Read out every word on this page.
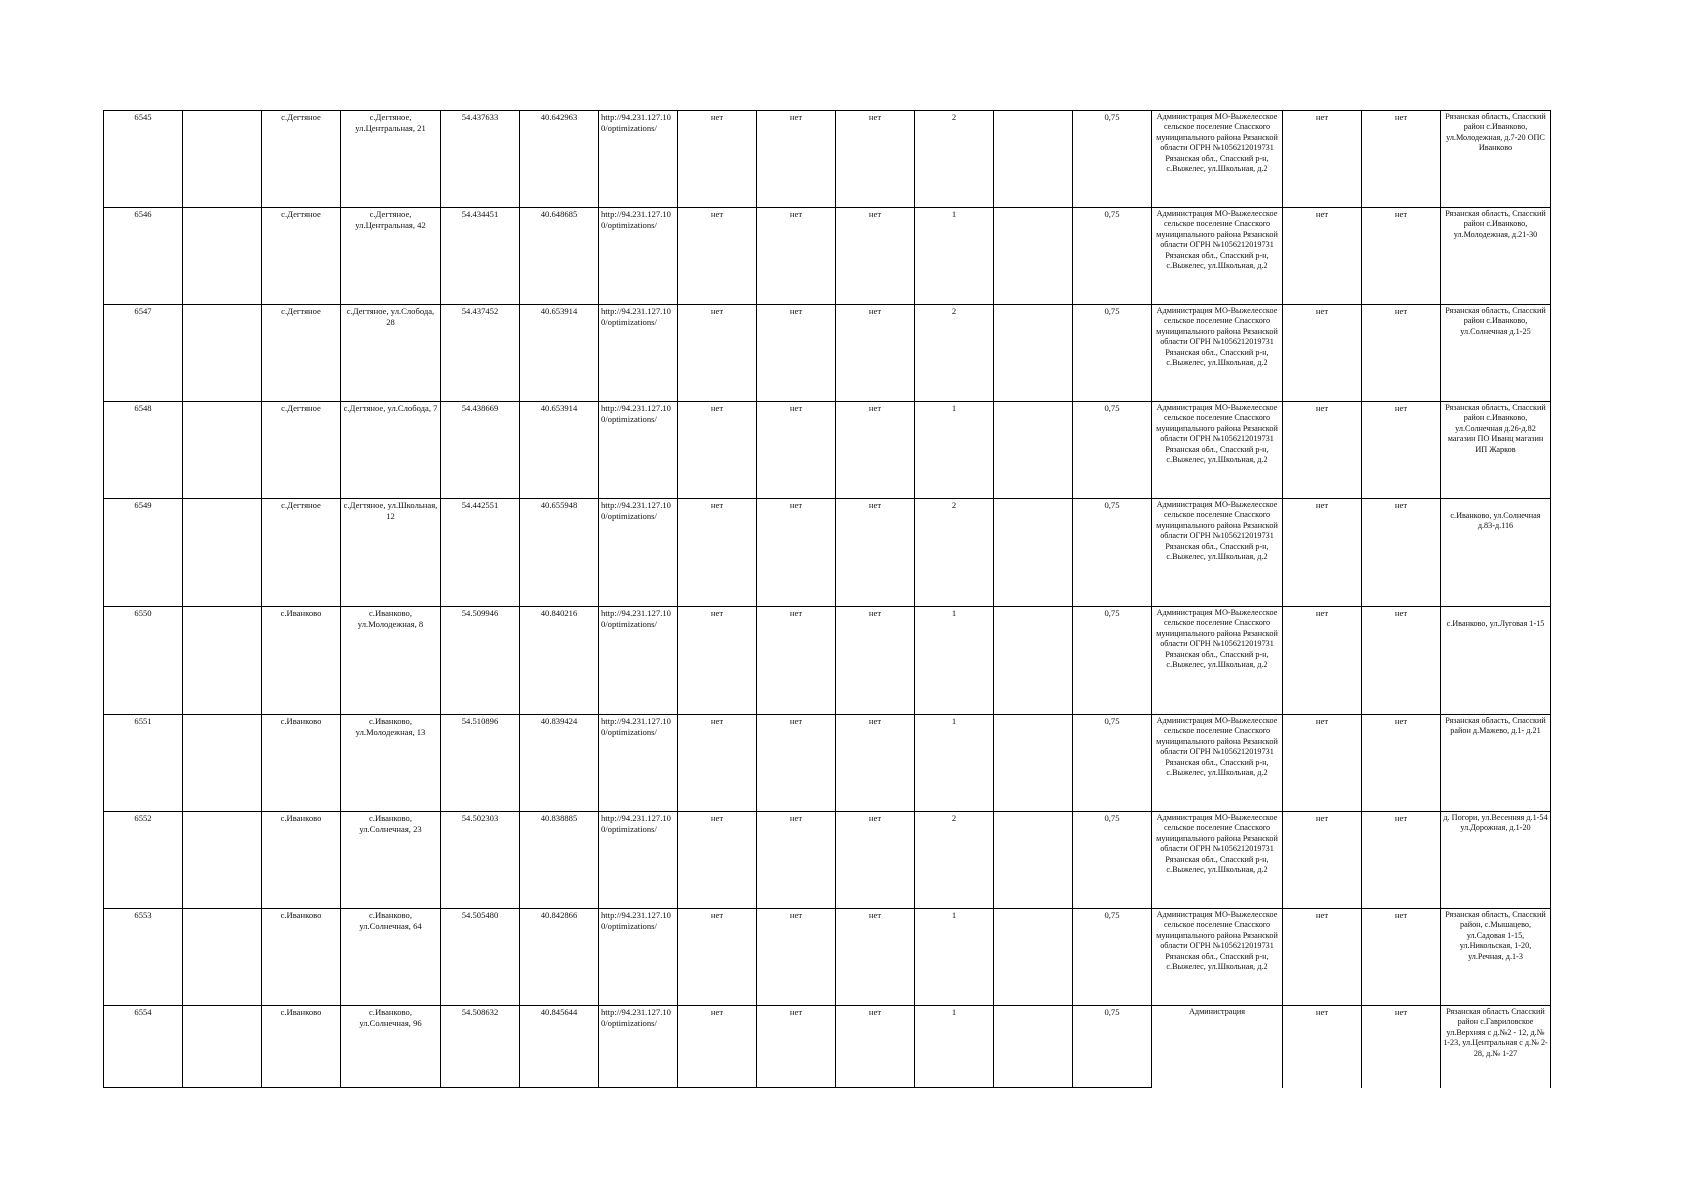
6545		с.Дегтяное	с.Дегтяное, ул.Центральная, 21	54.437633	40.642963	http://94.231.127.100/optimizations/	нет	нет	нет	2		0,75	Администрация МО-Выжелесское сельское поселение Спасского муниципального района Рязанской области ОГРН №1056212019731 Рязанская обл., Спасский р-н, с.Выжелес, ул.Школьная, д.2	нет	нет	Рязанская область, Спасский район с.Иванково, ул.Молодежная, д.7-20 ОПС Иванково
6546		с.Дегтяное	с.Дегтяное, ул.Центральная, 42	54.434451	40.648685	http://94.231.127.100/optimizations/	нет	нет	нет	1		0,75	Администрация МО-Выжелесское сельское поселение Спасского муниципального района Рязанской области ОГРН №1056212019731 Рязанская обл., Спасский р-н, с.Выжелес, ул.Школьная, д.2	нет	нет	Рязанская область, Спасский район с.Иванково, ул.Молодежная, д.21-30
6547		с.Дегтяное	с.Дегтяное, ул.Слобода, 28	54.437452	40.653914	http://94.231.127.100/optimizations/	нет	нет	нет	2		0,75	Администрация МО-Выжелесское сельское поселение Спасского муниципального района Рязанской области ОГРН №1056212019731 Рязанская обл., Спасский р-н, с.Выжелес, ул.Школьная, д.2	нет	нет	Рязанская область, Спасский район с.Иванково, ул.Солнечная д.1-25
6548		с.Дегтяное	с.Дегтяное, ул.Слобода, 7	54.438669	40.653914	http://94.231.127.100/optimizations/	нет	нет	нет	1		0,75	Администрация МО-Выжелесское сельское поселение Спасского муниципального района Рязанской области ОГРН №1056212019731 Рязанская обл., Спасский р-н, с.Выжелес, ул.Школьная, д.2	нет	нет	Рязанская область, Спасский район с.Иванково, ул.Солнечная д.26-д.82 магазин ПО Иванц магазин ИП Жарков
6549		с.Дегтяное	с.Дегтяное, ул.Школьная, 12	54.442551	40.655948	http://94.231.127.100/optimizations/	нет	нет	нет	2		0,75	Администрация МО-Выжелесское сельское поселение Спасского муниципального района Рязанской области ОГРН №1056212019731 Рязанская обл., Спасский р-н, с.Выжелес, ул.Школьная, д.2	нет	нет	с.Иванково, ул.Солнечная д.83-д.116
6550		с.Иванково	с.Иванково, ул.Молодежная, 8	54.509946	40.840216	http://94.231.127.100/optimizations/	нет	нет	нет	1		0,75	Администрация МО-Выжелесское сельское поселение Спасского муниципального района Рязанской области ОГРН №1056212019731 Рязанская обл., Спасский р-н, с.Выжелес, ул.Школьная, д.2	нет	нет	с.Иванково, ул.Луговая 1-15
6551		с.Иванково	с.Иванково, ул.Молодежная, 13	54.510896	40.839424	http://94.231.127.100/optimizations/	нет	нет	нет	1		0,75	Администрация МО-Выжелесское сельское поселение Спасского муниципального района Рязанской области ОГРН №1056212019731 Рязанская обл., Спасский р-н, с.Выжелес, ул.Школьная, д.2	нет	нет	Рязанская область, Спасский район д.Мажево, д.1- д.21
6552		с.Иванково	с.Иванково, ул.Солнечная, 23	54.502303	40.838885	http://94.231.127.100/optimizations/	нет	нет	нет	2		0,75	Администрация МО-Выжелесское сельское поселение Спасского муниципального района Рязанской области ОГРН №1056212019731 Рязанская обл., Спасский р-н, с.Выжелес, ул.Школьная, д.2	нет	нет	д. Погори, ул.Весенняя д.1-54 ул.Дорожная, д.1-20
6553		с.Иванково	с.Иванково, ул.Солнечная, 64	54.505480	40.842866	http://94.231.127.100/optimizations/	нет	нет	нет	1		0,75	Администрация МО-Выжелесское сельское поселение Спасского муниципального района Рязанской области ОГРН №1056212019731 Рязанская обл., Спасский р-н, с.Выжелес, ул.Школьная, д.2	нет	нет	Рязанская область, Спасский район, с.Мышацево, ул.Садовая 1-15, ул.Никольская, 1-20, ул.Речная, д.1-3
6554		с.Иванково	с.Иванково, ул.Солнечная, 96	54.508632	40.845644	http://94.231.127.100/optimizations/	нет	нет	нет	1		0,75	Администрация	нет	нет	Рязанская область Спасский район с.Гавриловское ул.Верхняя с д.№2 - 12, д.№ 1-23, ул.Центральная с д.№ 2-28, д.№ 1-27
